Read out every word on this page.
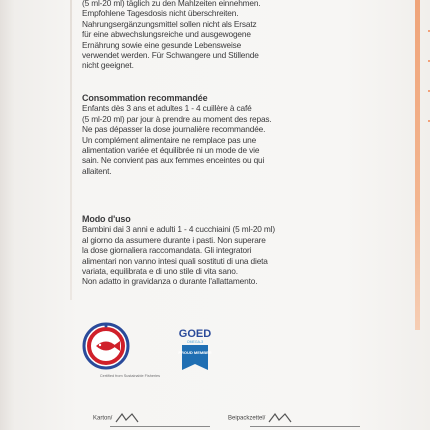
(5 ml-20 ml) täglich zu den Mahlzeiten einnehmen.

Empfohlene Tagesdosis nicht überschreiten.

Nahrungsergänzungsmittel sollen nicht als Ersatz

für eine abwechslungsreiche und ausgewogene

Ernährung sowie eine gesunde Lebensweise

verwendet werden. Für Schwangere und Stillende

nicht geeignet.

Consommation recommandée

Enfants dès 3 ans et adultes 1 - 4 cuillère à café

(5 ml-20 ml) par jour à prendre au moment des repas.

Ne pas dépasser la dose journalière recommandée.

Un complément alimentaire ne remplace pas une

alimentation variée et équilibrée ni un mode de vie

sain. Ne convient pas aux femmes enceintes ou qui

allaitent.

Modo d'uso

Bambini dai 3 anni e adulti 1 - 4 cucchiaini (5 ml-20 ml)

al giorno da assumere durante i pasti. Non superare

la dose giornaliera raccomandata. Gli integratori

alimentari non vanno intesi quali sostituti di una dieta

variata, equilibrata e di uno stile di vita sano.

Non adatto in gravidanza o durante l'allattamento.

GOED
OMEGA-3
PROUD MEMBER
Certified from Sustainable Fisheries
Karton/	Beipackzettel/
